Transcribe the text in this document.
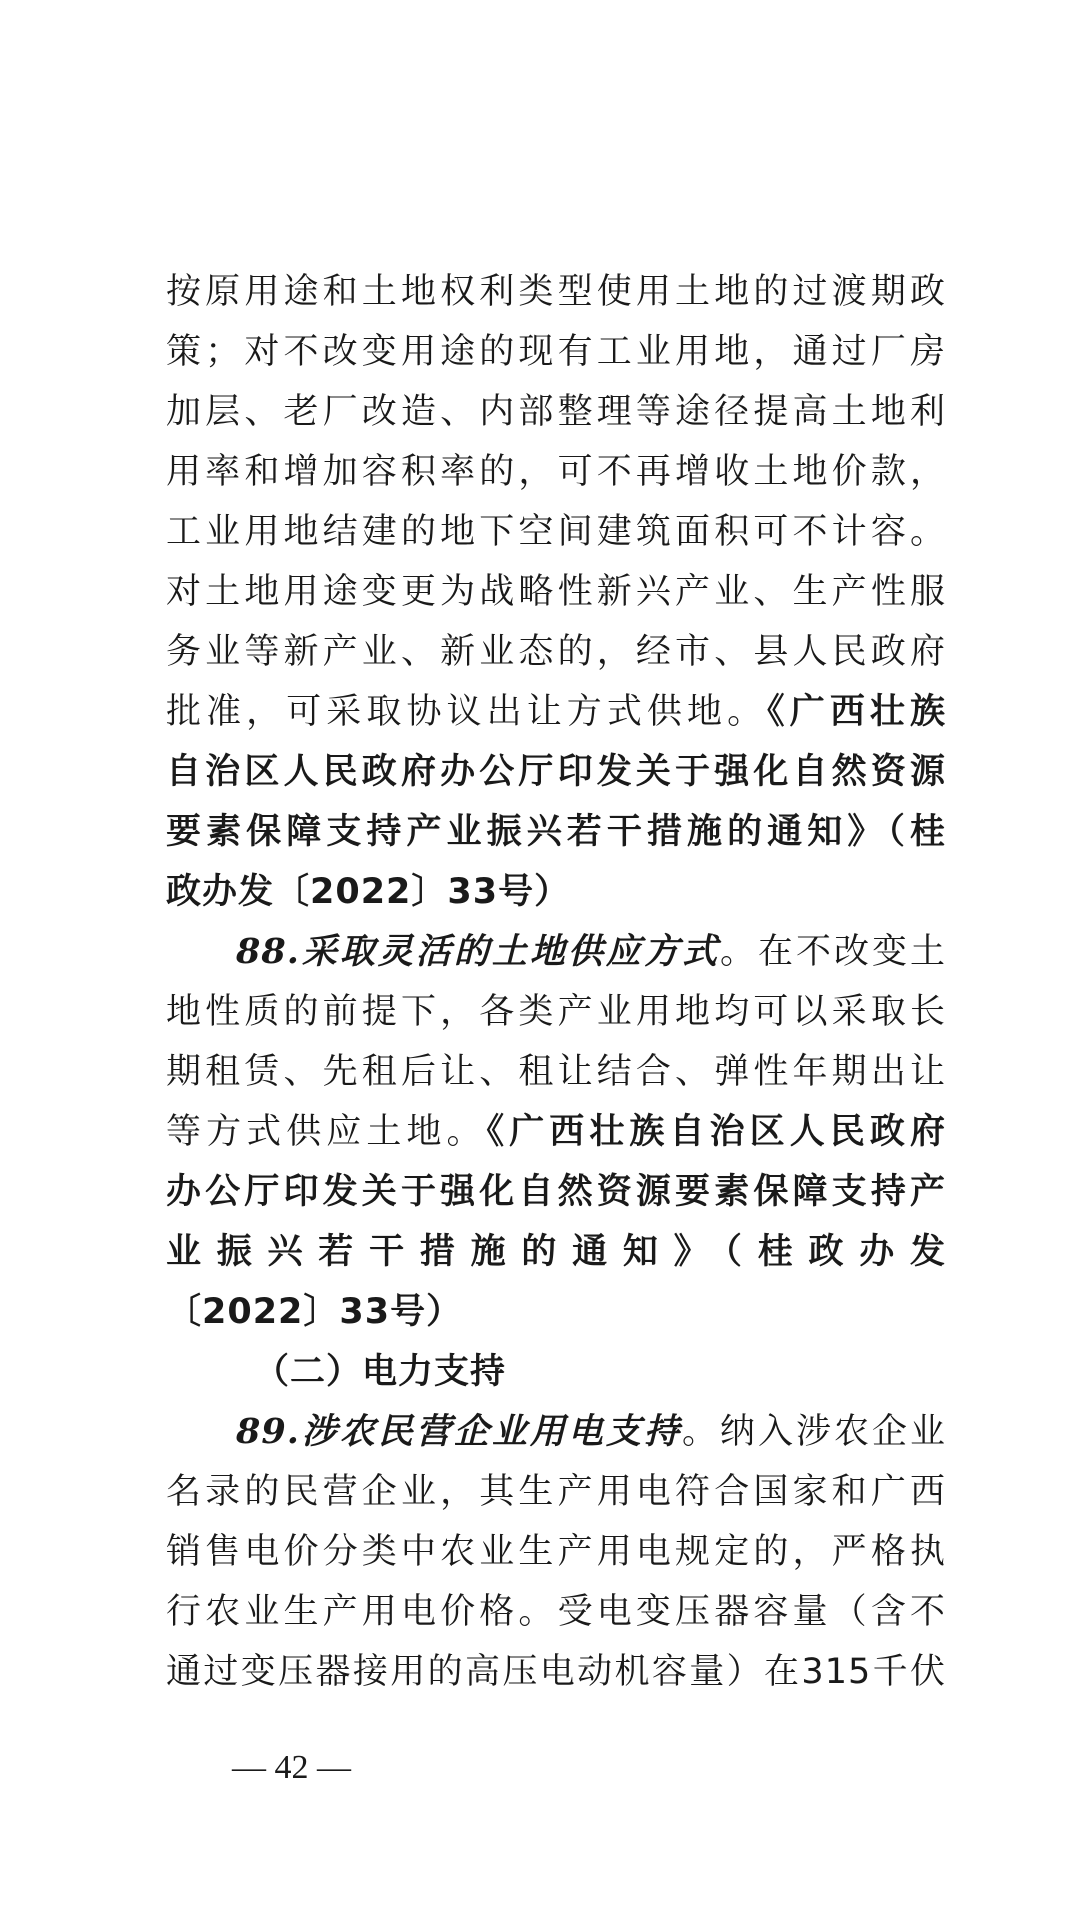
按原用途和土地权利类型使用土地的过渡期政
策；对不改变用途的现有工业用地，通过厂房
加层、老厂改造、内部整理等途径提高土地利
用率和增加容积率的，可不再增收土地价款，
工业用地结建的地下空间建筑面积可不计容。
对土地用途变更为战略性新兴产业、生产性服
务业等新产业、新业态的，经市、县人民政府
批准，可采取协议出让方式供地。《广西壮族
自治区人民政府办公厅印发关于强化自然资源
要素保障支持产业振兴若干措施的通知》（桂
政办发〔2022〕33号）
88.采取灵活的土地供应方式。在不改变土
地性质的前提下，各类产业用地均可以采取长
期租赁、先租后让、租让结合、弹性年期出让
等方式供应土地。《广西壮族自治区人民政府
办公厅印发关于强化自然资源要素保障支持产
业振兴若干措施的通知》（桂政办发
〔2022〕33号）
（二）电力支持
89.涉农民营企业用电支持。纳入涉农企业
名录的民营企业，其生产用电符合国家和广西
销售电价分类中农业生产用电规定的，严格执
行农业生产用电价格。受电变压器容量（含不
通过变压器接用的高压电动机容量）在315千伏
— 42 —
